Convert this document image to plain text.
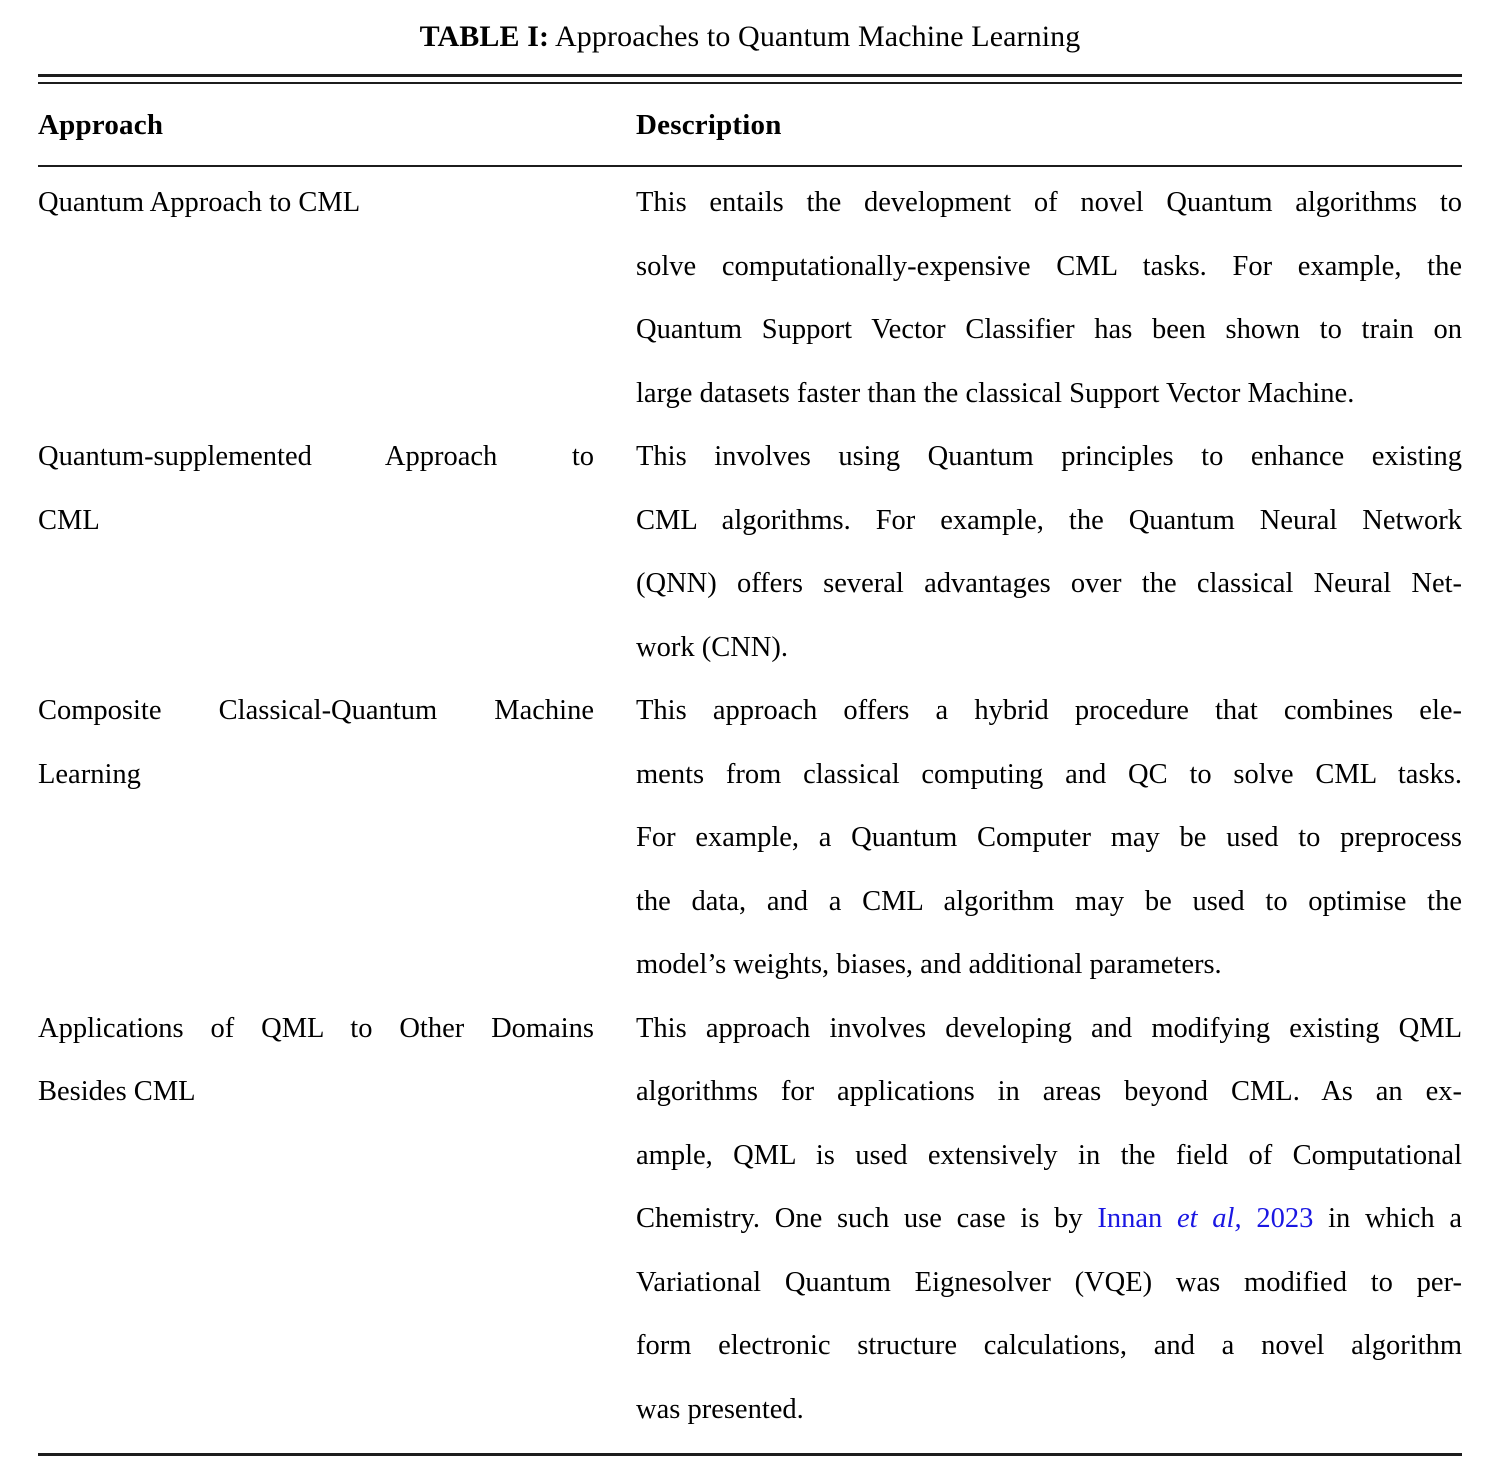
TABLE I: Approaches to Quantum Machine Learning
Approach		Description
Quantum Approach to CML		This entails the development of novel Quantum algorithms to
solve computationally-expensive CML tasks. For example, the
Quantum Support Vector Classifier has been shown to train on
large datasets faster than the classical Support Vector Machine.

Quantum-supplemented Approach to
CML		This involves using Quantum principles to enhance existing
CML algorithms. For example, the Quantum Neural Network
(QNN) offers several advantages over the classical Neural Net-
work (CNN).

Composite Classical-Quantum Machine
Learning		This approach offers a hybrid procedure that combines ele-
ments from classical computing and QC to solve CML tasks.
For example, a Quantum Computer may be used to preprocess
the data, and a CML algorithm may be used to optimise the
model’s weights, biases, and additional parameters.

Applications of QML to Other Domains
Besides CML

This approach involves developing and modifying existing QML
algorithms for applications in areas beyond CML. As an ex-
ample, QML is used extensively in the field of Computational
Chemistry. One such use case is by Innan et al, 2023 in which a
Variational Quantum Eignesolver (VQE) was modified to per-
form electronic structure calculations, and a novel algorithm
was presented.
